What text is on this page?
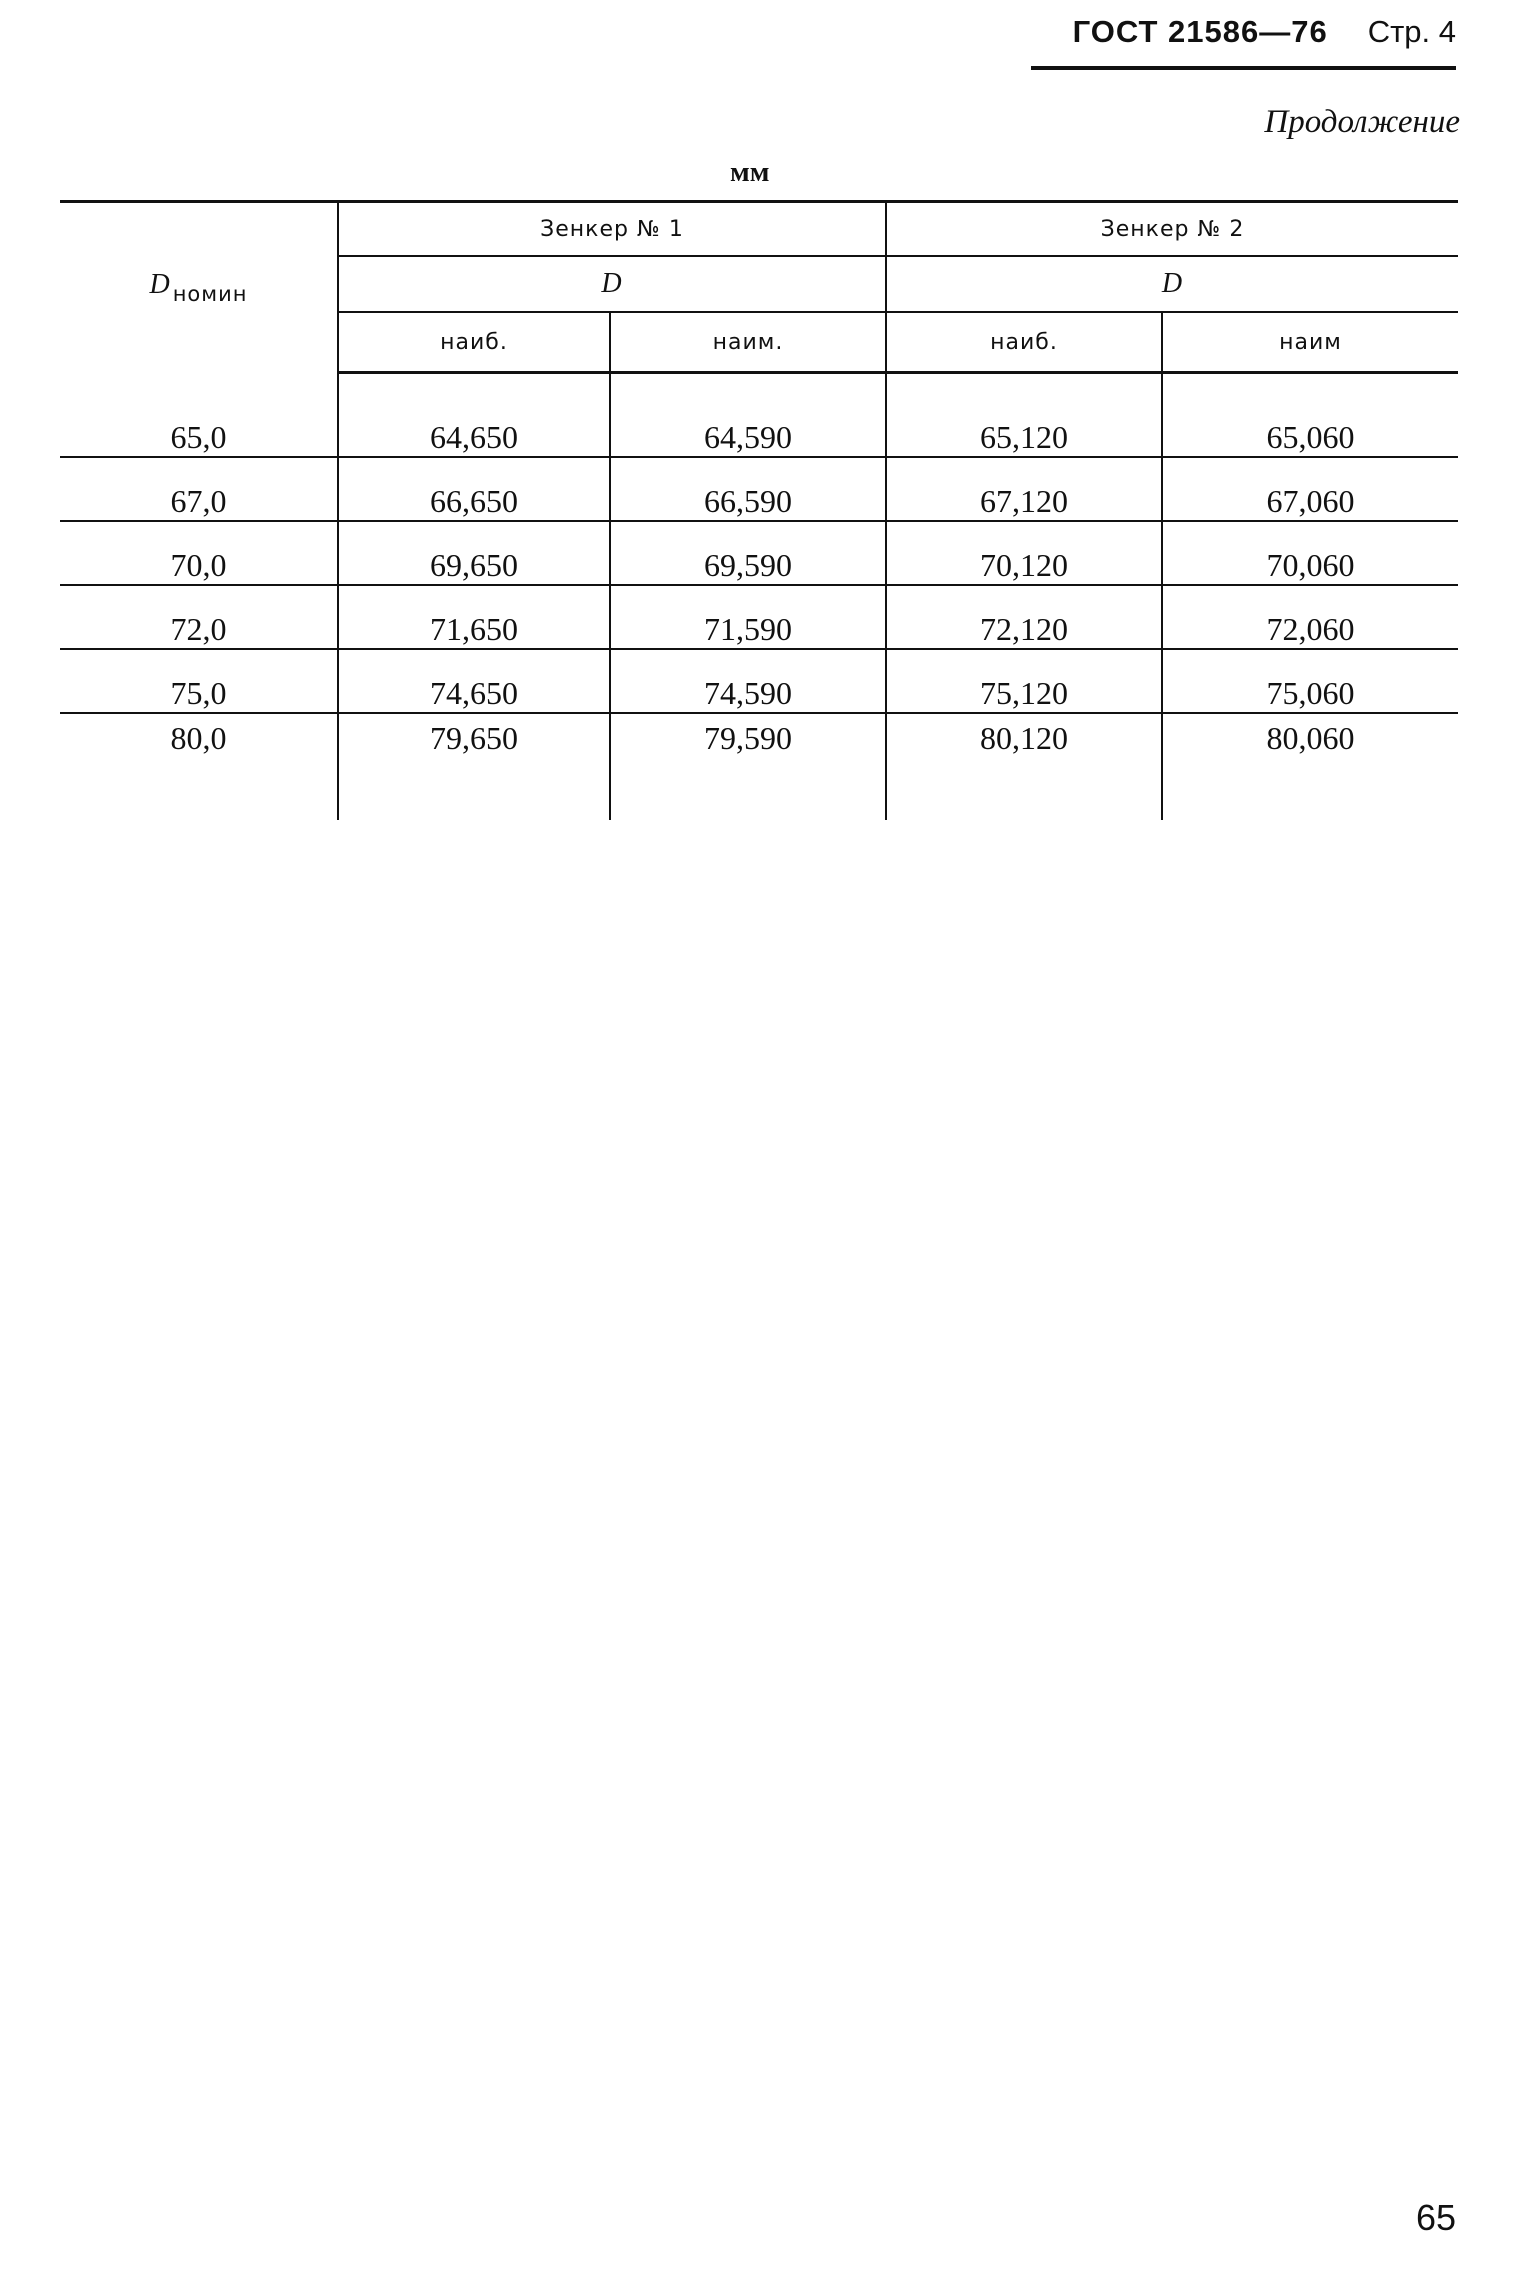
ГОСТ 21586—76 Стр. 4
Продолжение
мм
$D_{номин}$	Зенкер № 1		Зенкер № 2	
	D		D	
	наиб.	наим.	наиб.	наим
65,0	64,650	64,590	65,120	65,060
67,0	66,650	66,590	67,120	67,060
70,0	69,650	69,590	70,120	70,060
72,0	71,650	71,590	72,120	72,060
75,0	74,650	74,590	75,120	75,060
80,0	79,650	79,590	80,120	80,060
65
